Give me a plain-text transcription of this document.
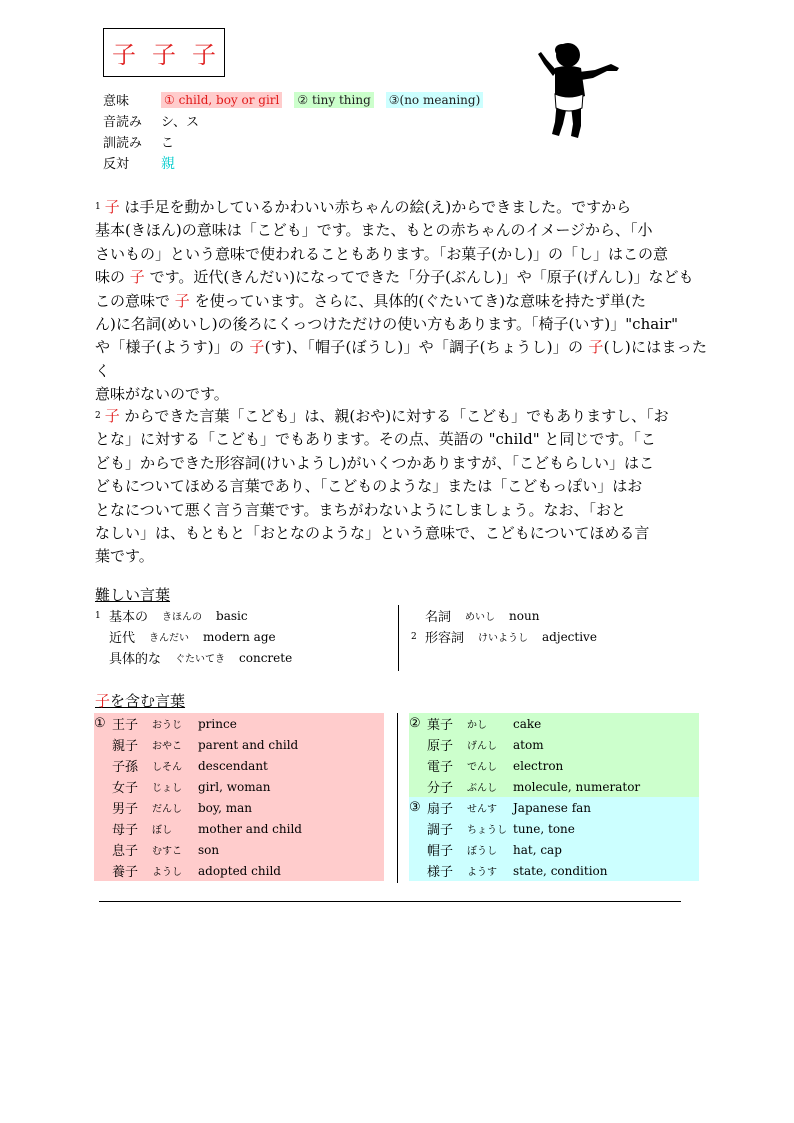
子 子 子
意味	① child, boy or girl ② tiny thing ③(no meaning)
音読み	シ、ス
訓読み	こ
反対	親
$^1$ 子 は手足を動かしているかわいい赤ちゃんの絵(え)からできました。ですから
基本(きほん)の意味は「こども」です。また、もとの赤ちゃんのイメージから、「小
さいもの」という意味で使われることもあります。「お菓子(かし)」の「し」はこの意
味の 子 です。近代(きんだい)になってできた「分子(ぶんし)」や「原子(げんし)」なども
この意味で 子 を使っています。さらに、具体的(ぐたいてき)な意味を持たず単(た
ん)に名詞(めいし)の後ろにくっつけただけの使い方もあります。「椅子(いす)」"chair"
や「様子(ようす)」の 子(す)、「帽子(ぼうし)」や「調子(ちょうし)」の 子(し)にはまったく
意味がないのです。
$^2$ 子 からできた言葉「こども」は、親(おや)に対する「こども」でもありますし、「お
とな」に対する「こども」でもあります。その点、英語の "child" と同じです。「こ
ども」からできた形容詞(けいようし)がいくつかありますが、「こどもらしい」はこ
どもについてほめる言葉であり、「こどものような」または「こどもっぽい」はお
となについて悪く言う言葉です。まちがわないようにしましょう。なお、「おと
なしい」は、もともと「おとなのような」という意味で、こどもについてほめる言
葉です。

難しい言葉

1 基本の きほんの basic
近代 きんだい modern age
具体的な ぐたいてき concrete
名詞 めいし noun
2 形容詞 けいようし adjective

子を含む言葉

① 王子	おうじ	prince
親子	おやこ	parent and child
子孫	しそん	descendant
女子	じょし	girl, woman
男子	だんし	boy, man
母子	ぼし	mother and child
息子	むすこ	son
養子	ようし	adopted child
② 菓子	かし	cake
原子	げんし	atom
電子	でんし	electron
分子	ぶんし	molecule, numerator
③ 扇子	せんす	Japanese fan
調子	ちょうし tune, tone
帽子	ぼうし	hat, cap
様子	ようす	state, condition
